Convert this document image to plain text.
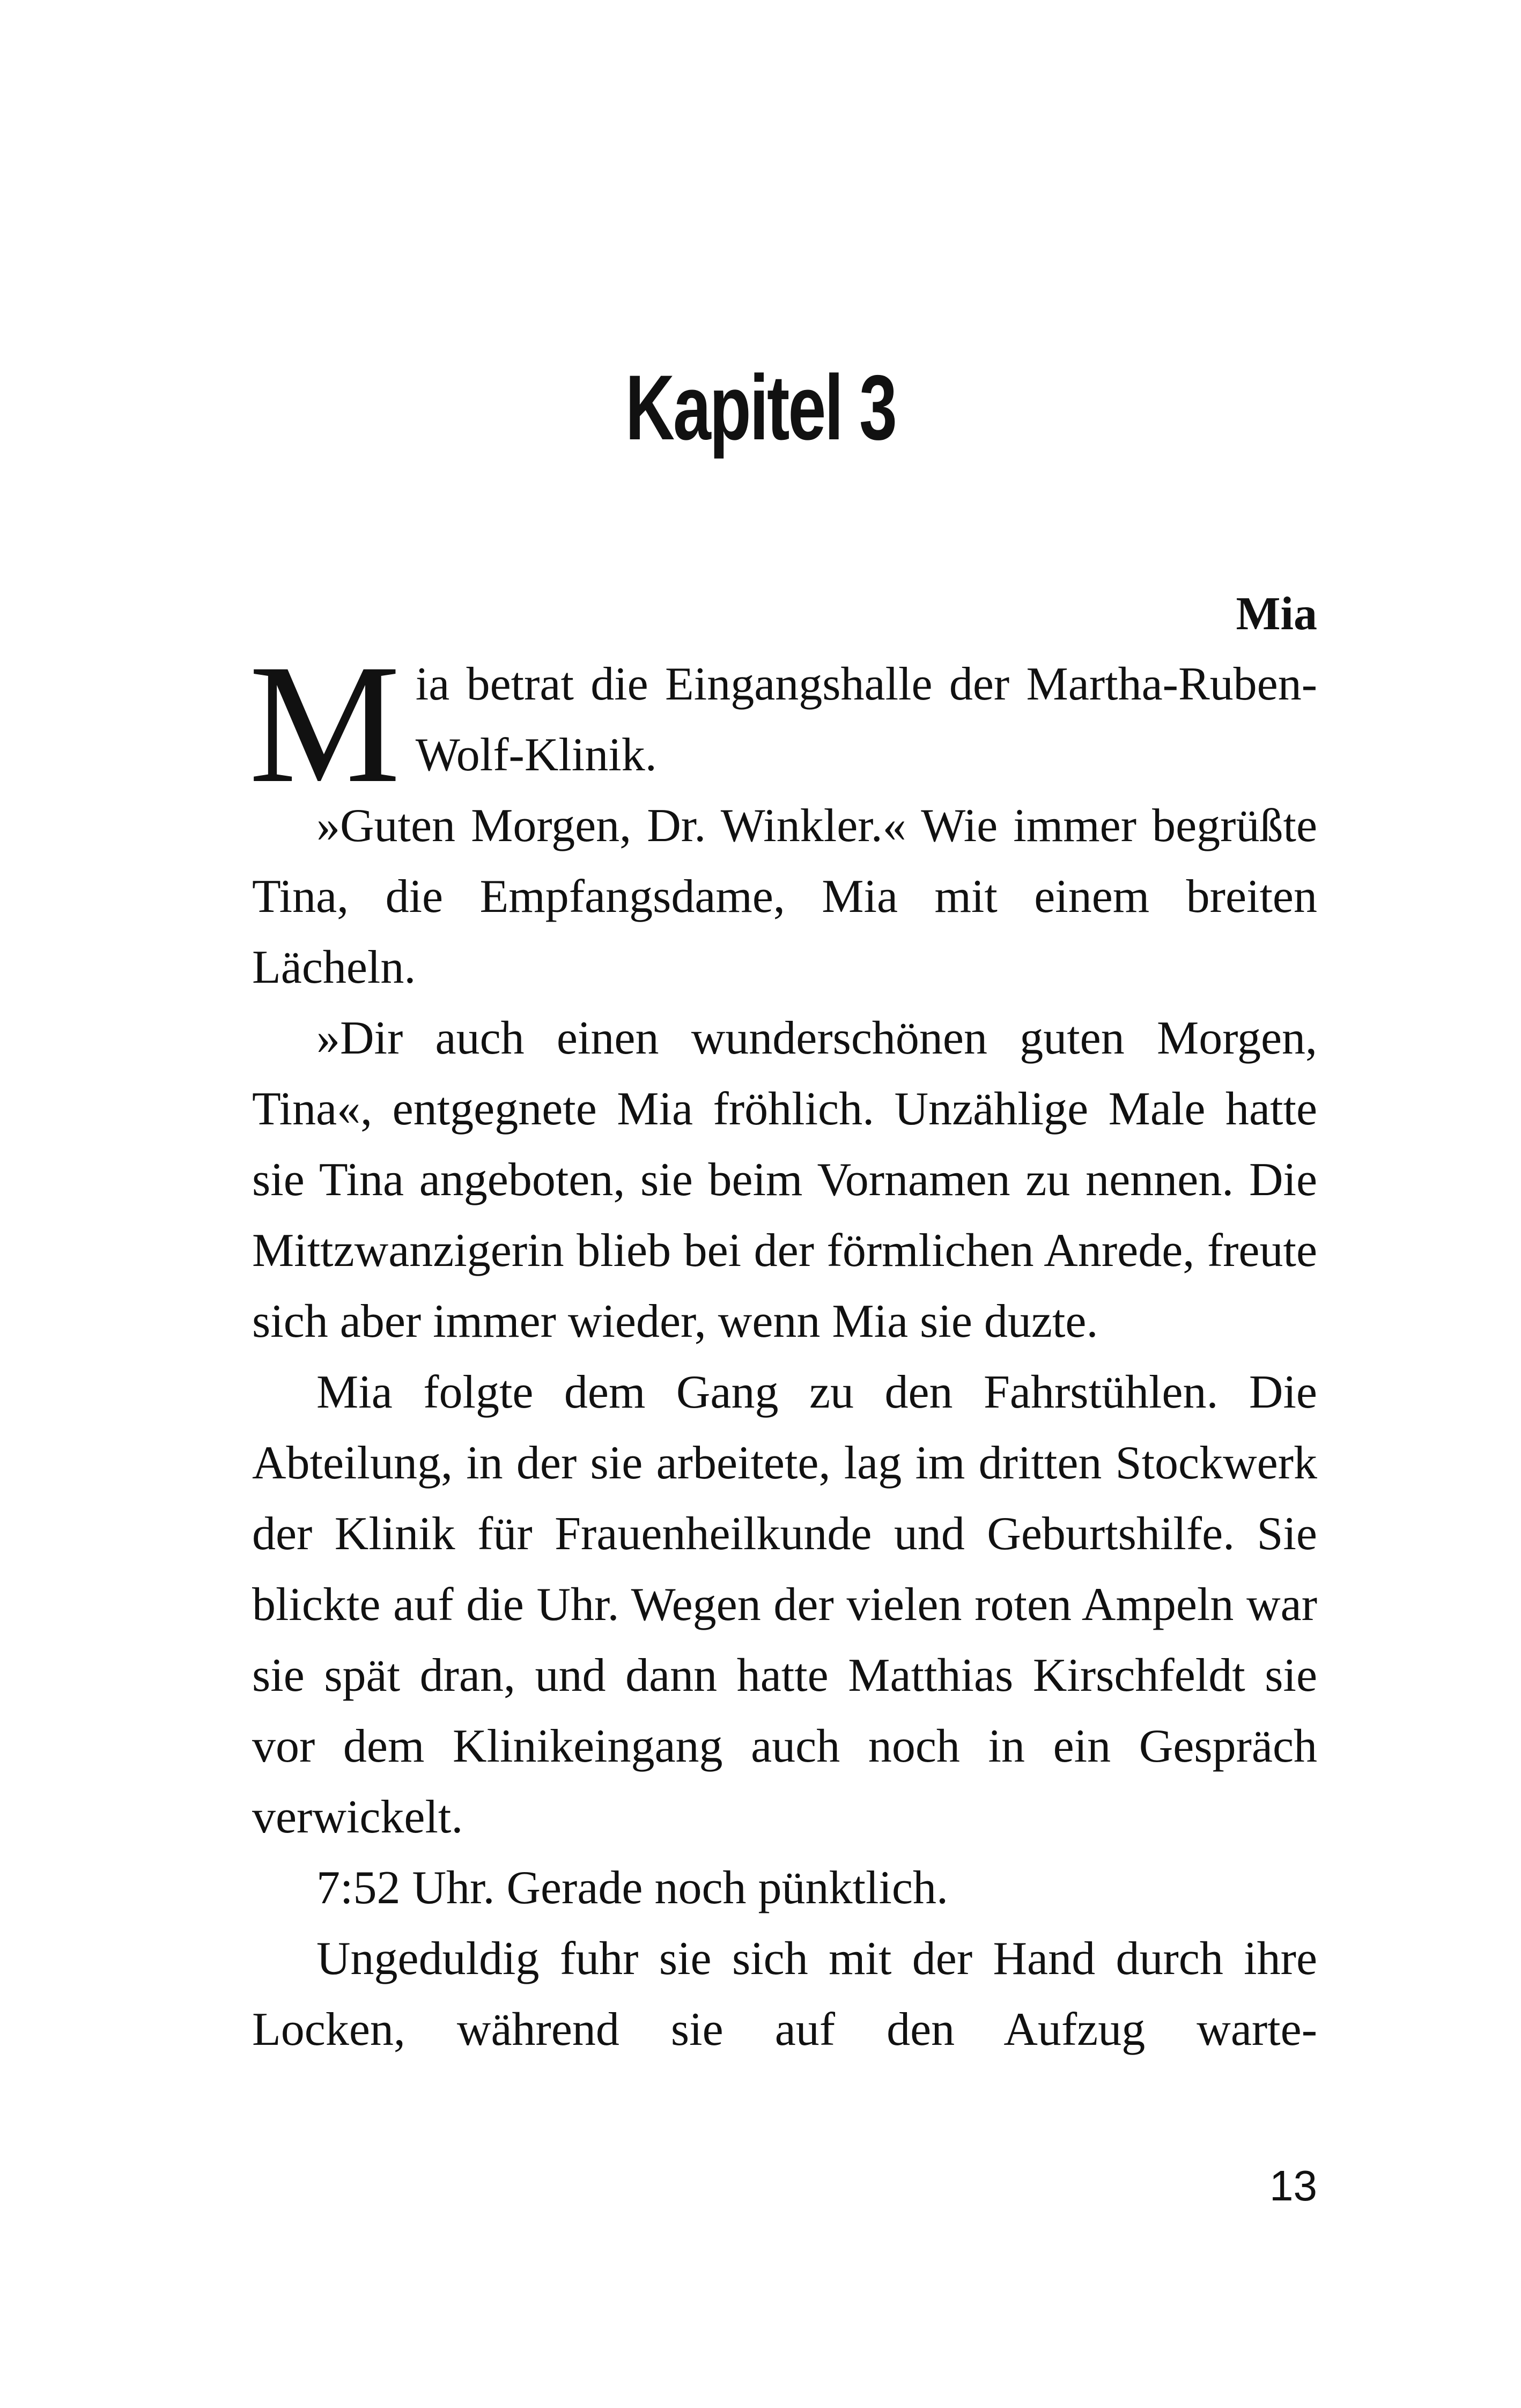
Kapitel 3
Mia

Mia betrat die Eingangshalle der Martha-Ruben-Wolf-Klinik.

»Guten Morgen, Dr. Winkler.« Wie immer begrüßte Tina, die Empfangsdame, Mia mit einem breiten Lächeln.

»Dir auch einen wunderschönen guten Morgen, Tina«, entgegnete Mia fröhlich. Unzählige Male hatte sie Tina angeboten, sie beim Vornamen zu nennen. Die Mittzwanzigerin blieb bei der förmlichen Anrede, freute sich aber immer wieder, wenn Mia sie duzte.

Mia folgte dem Gang zu den Fahrstühlen. Die Abteilung, in der sie arbeitete, lag im dritten Stockwerk der Klinik für Frauenheilkunde und Geburtshilfe. Sie blickte auf die Uhr. Wegen der vielen roten Ampeln war sie spät dran, und dann hatte Matthias Kirschfeldt sie vor dem Klinikeingang auch noch in ein Gespräch verwickelt.

7:52 Uhr. Gerade noch pünktlich.

Ungeduldig fuhr sie sich mit der Hand durch ihre Locken, während sie auf den Aufzug warte-

13
